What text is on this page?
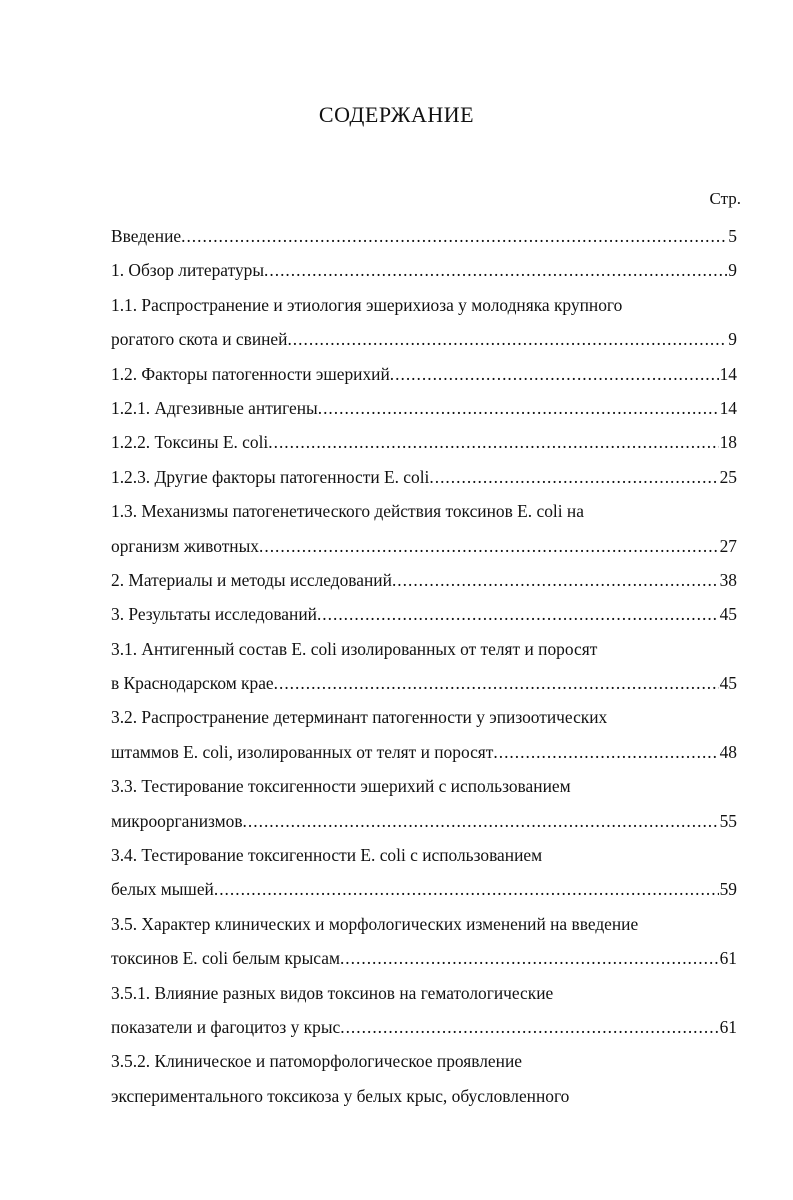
СОДЕРЖАНИЕ
Стр.
Введение .....	5
1. Обзор литературы .....	9
1.1. Распространение и этиология эшерихиоза у молодняка крупного
рогатого скота и свиней .....	9
1.2. Факторы патогенности эшерихий .....	14
1.2.1. Адгезивные антигены .....	14
1.2.2. Токсины E. coli .....	18
1.2.3. Другие факторы патогенности E. coli .....	25
1.3. Механизмы патогенетического действия токсинов E. coli на
организм животных .....	27
2. Материалы и методы исследований .....	38
3. Результаты исследований .....	45
3.1. Антигенный состав E. coli изолированных от телят и поросят
в Краснодарском крае .....	45
3.2. Распространение детерминант патогенности у эпизоотических
штаммов E. coli, изолированных от телят и поросят .....	48
3.3. Тестирование токсигенности эшерихий с использованием
микроорганизмов .....	55
3.4. Тестирование токсигенности E. coli с использованием
белых мышей .....	59
3.5. Характер клинических и морфологических изменений на введение
токсинов E. coli белым крысам .....	61
3.5.1. Влияние разных видов токсинов на гематологические
показатели и фагоцитоз у крыс .....	61
3.5.2. Клиническое и патоморфологическое проявление
экспериментального токсикоза у белых крыс, обусловленного
